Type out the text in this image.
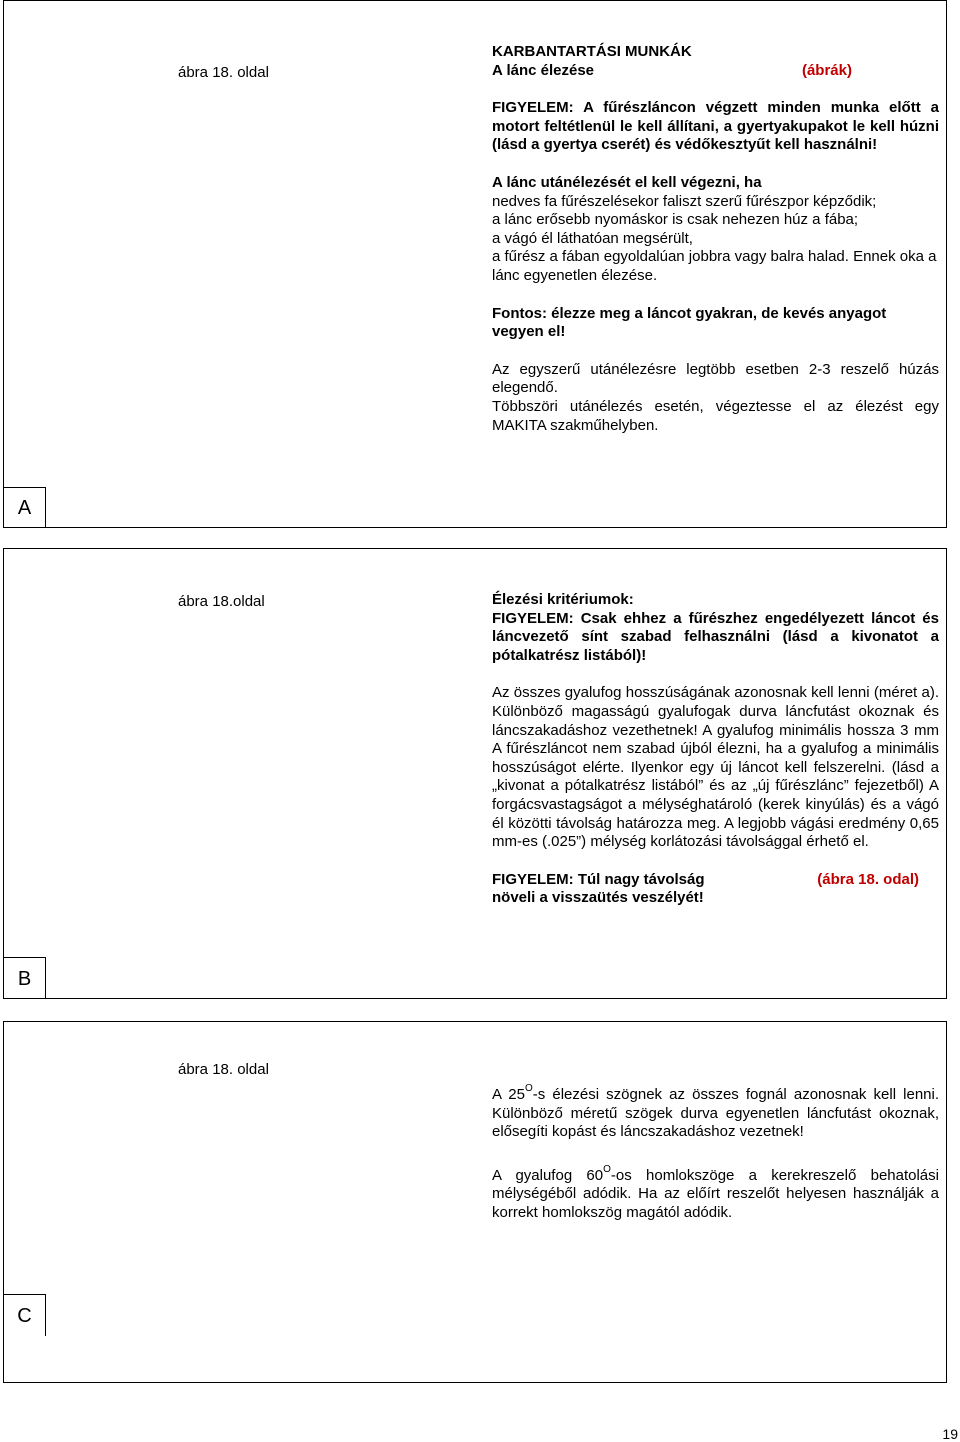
ábra 18. oldal

KARBANTARTÁSI MUNKÁK

A lánc élezése	(ábrák)

FIGYELEM: A fűrészláncon végzett minden munka előtt a motort feltétlenül le kell állítani, a gyertyakupakot le kell húzni (lásd a gyertya cserét) és védőkesztyűt kell használni!

A lánc utánélezését el kell végezni, ha

nedves fa fűrészelésekor faliszt szerű fűrészpor képződik;

a lánc erősebb nyomáskor is csak nehezen húz a fába;

a vágó él láthatóan megsérült,

a fűrész a fában egyoldalúan jobbra vagy balra halad. Ennek oka a lánc egyenetlen élezése.

Fontos: élezze meg a láncot gyakran, de kevés anyagot vegyen el!

Az egyszerű utánélezésre legtöbb esetben 2-3 reszelő húzás elegendő.

Többszöri utánélezés esetén, végeztesse el az élezést egy MAKITA szakműhelyben.

A
ábra 18.oldal	Élezési kritériumok:

FIGYELEM: Csak ehhez a fűrészhez engedélyezett láncot és láncvezető sínt szabad felhasználni (lásd a kivonatot a pótalkatrész listából)!

Az összes gyalufog hosszúságának azonosnak kell lenni (méret a). Különböző magasságú gyalufogak durva láncfutást okoznak és láncszakadáshoz vezethetnek! A gyalufog minimális hossza 3 mm A fűrészláncot nem szabad újból élezni, ha a gyalufog a minimális hosszúságot elérte. Ilyenkor egy új láncot kell felszerelni. (lásd a „kivonat a pótalkatrész listából” és az „új fűrészlánc” fejezetből) A forgácsvastagságot a mélységhatároló (kerek kinyúlás) és a vágó él közötti távolság határozza meg. A legjobb vágási eredmény 0,65 mm-es (.025”) mélység korlátozási távolsággal érhető el.

FIGYELEM: Túl nagy távolság	(ábra 18. odal)

növeli a visszaütés veszélyét!

B
ábra 18. oldal

A $25^O-s$ élezési szögnek az összes fognál azonosnak kell lenni. Különböző méretű szögek durva egyenetlen láncfutást okoznak, elősegíti kopást és láncszakadáshoz vezetnek!

A gyalufog $60^O-os$ homlokszöge a kerekreszelő behatolási mélységéből adódik. Ha az előírt reszelőt helyesen használják a korrekt homlokszög magától adódik.

C
19
